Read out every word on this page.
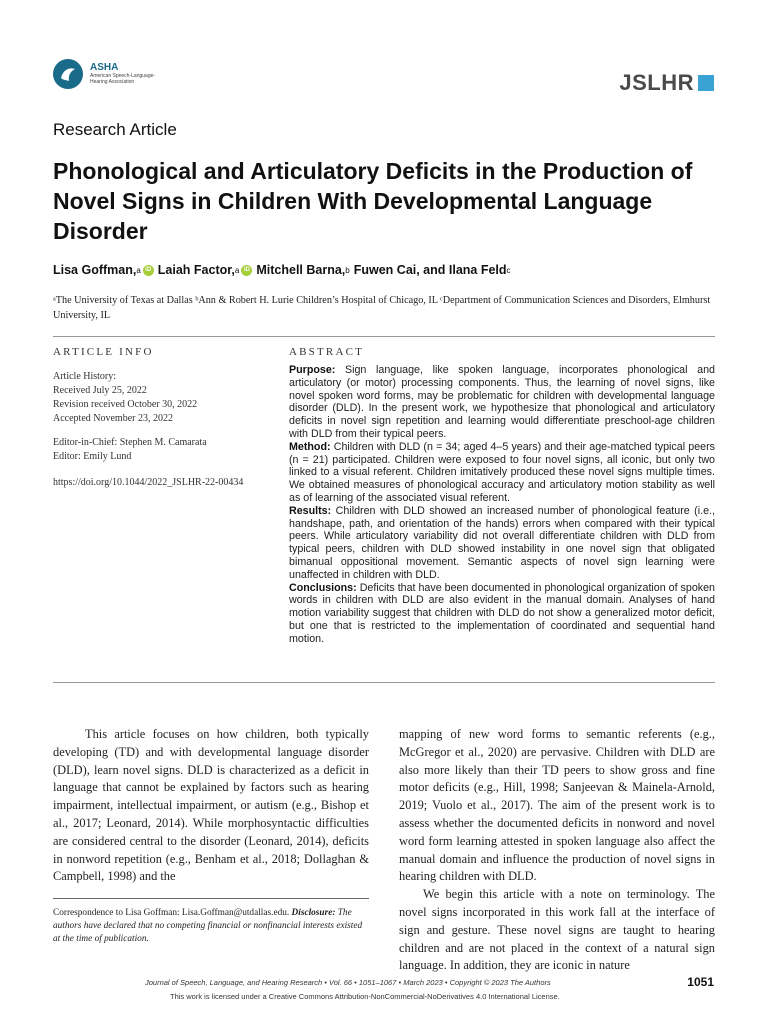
ASHA
American Speech-Language-Hearing Association	JSLHR
Research Article
Phonological and Articulatory Deficits in the Production of Novel Signs in Children With Developmental Language Disorder
Lisa Goffman, a iD Laiah Factor, a iD Mitchell Barna, b Fuwen Cai, and Ilana Feld c
ᵃThe University of Texas at Dallas ᵇAnn & Robert H. Lurie Children’s Hospital of Chicago, IL ᶜDepartment of Communication Sciences and Disorders, Elmhurst University, IL
ARTICLE INFO
Article History:
Received July 25, 2022
Revision received October 30, 2022
Accepted November 23, 2022
Editor-in-Chief: Stephen M. Camarata
Editor: Emily Lund
https://doi.org/10.1044/2022_JSLHR-22-00434
ABSTRACT
Purpose: Sign language, like spoken language, incorporates phonological and articulatory (or motor) processing components. Thus, the learning of novel signs, like novel spoken word forms, may be problematic for children with developmental language disorder (DLD). In the present work, we hypothesize that phonological and articulatory deficits in novel sign repetition and learning would differentiate preschool-age children with DLD from their typical peers.
Method: Children with DLD (n = 34; aged 4–5 years) and their age-matched typical peers (n = 21) participated. Children were exposed to four novel signs, all iconic, but only two linked to a visual referent. Children imitatively produced these novel signs multiple times. We obtained measures of phonological accuracy and articulatory motion stability as well as of learning of the associated visual referent.
Results: Children with DLD showed an increased number of phonological feature (i.e., handshape, path, and orientation of the hands) errors when compared with their typical peers. While articulatory variability did not overall differentiate children with DLD from typical peers, children with DLD showed instability in one novel sign that obligated bimanual oppositional movement. Semantic aspects of novel sign learning were unaffected in children with DLD.
Conclusions: Deficits that have been documented in phonological organization of spoken words in children with DLD are also evident in the manual domain. Analyses of hand motion variability suggest that children with DLD do not show a generalized motor deficit, but one that is restricted to the implementation of coordinated and sequential hand motion.

This article focuses on how children, both typically developing (TD) and with developmental language disorder (DLD), learn novel signs. DLD is characterized as a deficit in language that cannot be explained by factors such as hearing impairment, intellectual impairment, or autism (e.g., Bishop et al., 2017; Leonard, 2014). While morphosyntactic difficulties are considered central to the disorder (Leonard, 2014), deficits in nonword repetition (e.g., Benham et al., 2018; Dollaghan & Campbell, 1998) and the

mapping of new word forms to semantic referents (e.g., McGregor et al., 2020) are pervasive. Children with DLD are also more likely than their TD peers to show gross and fine motor deficits (e.g., Hill, 1998; Sanjeevan & Mainela-Arnold, 2019; Vuolo et al., 2017). The aim of the present work is to assess whether the documented deficits in nonword and novel word form learning attested in spoken language also affect the manual domain and influence the production of novel signs in hearing children with DLD.
We begin this article with a note on terminology. The novel signs incorporated in this work fall at the interface of sign and gesture. These novel signs are taught to hearing children and are not placed in the context of a natural sign language. In addition, they are iconic in nature
Correspondence to Lisa Goffman: Lisa.Goffman@utdallas.edu. Disclosure: The authors have declared that no competing financial or nonfinancial interests existed at the time of publication.
Journal of Speech, Language, and Hearing Research • Vol. 66 • 1051–1067 • March 2023 • Copyright © 2023 The Authors
This work is licensed under a Creative Commons Attribution-NonCommercial-NoDerivatives 4.0 International License.
1051
